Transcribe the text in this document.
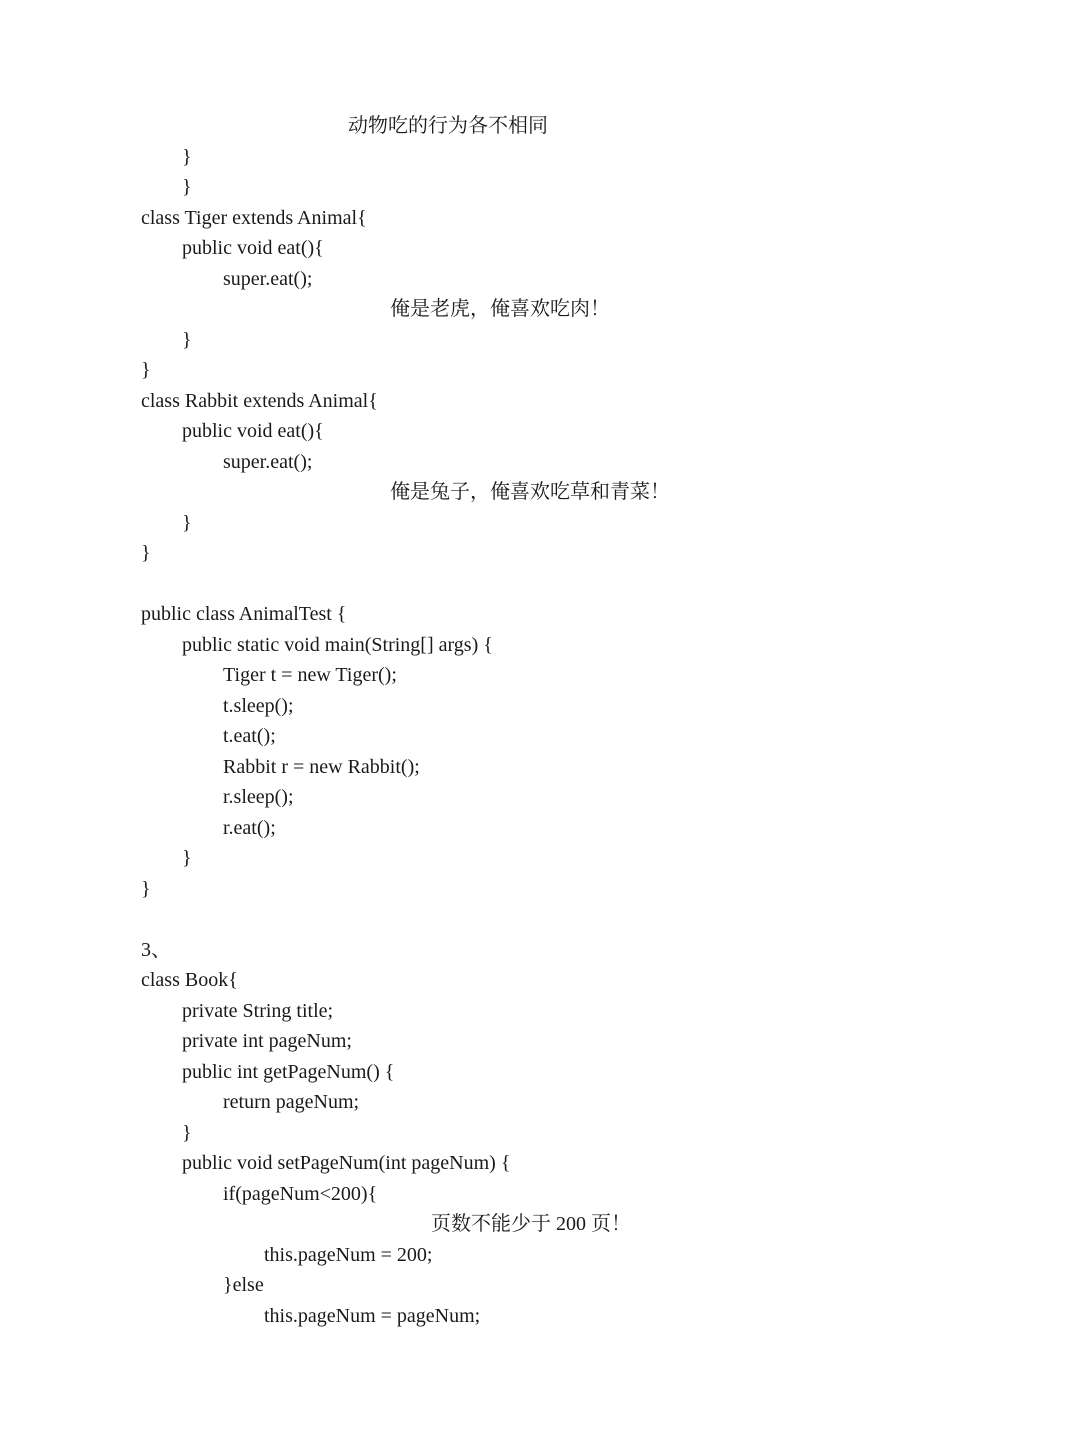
动物吃的行为各不相同
}
}
class Tiger extends Animal{
public void eat(){
super.eat();
俺是老虎，俺喜欢吃肉！
}
}
class Rabbit extends Animal{
public void eat(){
super.eat();
俺是兔子，俺喜欢吃草和青菜！
}
}
public class AnimalTest {
public static void main(String[] args) {
Tiger t = new Tiger();
t.sleep();
t.eat();
Rabbit r = new Rabbit();
r.sleep();
r.eat();
}
}
3、
class Book{
private String title;
private int pageNum;
public int getPageNum() {
return pageNum;
}
public void setPageNum(int pageNum) {
if(pageNum<200){
页数不能少于 200 页！
this.pageNum = 200;
}else
this.pageNum = pageNum;
